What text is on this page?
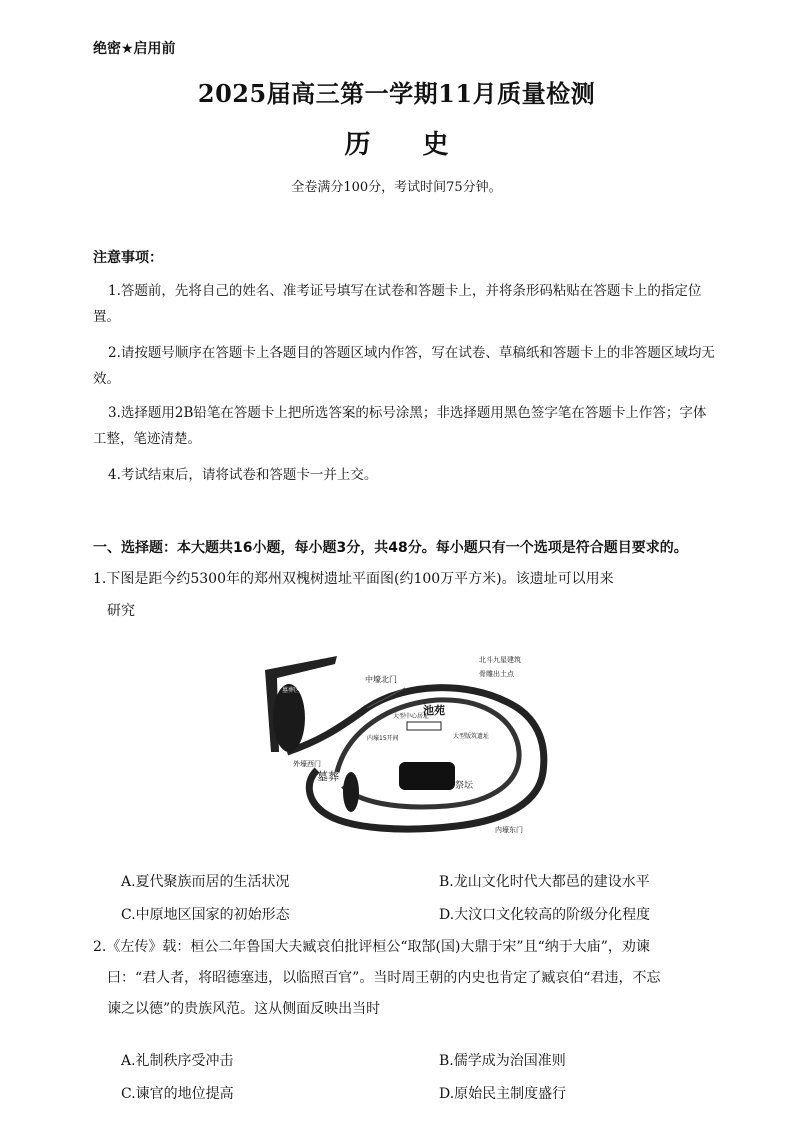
绝密★启用前
2025届高三第一学期11月质量检测
历 史
全卷满分100分，考试时间75分钟。
注意事项：
1.答题前，先将自己的姓名、准考证号填写在试卷和答题卡上，并将条形码粘贴在答题卡上的指定位置。
2.请按题号顺序在答题卡上各题目的答题区域内作答，写在试卷、草稿纸和答题卡上的非答题区域均无效。
3.选择题用2B铅笔在答题卡上把所选答案的标号涂黑；非选择题用黑色签字笔在答题卡上作答；字体工整，笔迹清楚。
4.考试结束后，请将试卷和答题卡一并上交。
一、选择题：本大题共16小题，每小题3分，共48分。每小题只有一个选项是符合题目要求的。
1.下图是距今约5300年的郑州双槐树遗址平面图(约100万平方米)。该遗址可以用来
研究
中壕北门
北斗九星建筑
骨雕出土点
池苑
大型中心居址
内壕15开间	大型版筑遗址
墓葬
祭坛
外壕西门
内壕东门
墓葬区
A.夏代聚族而居的生活状况	B.龙山文化时代大都邑的建设水平
C.中原地区国家的初始形态	D.大汶口文化较高的阶级分化程度
2.《左传》载：桓公二年鲁国大夫臧哀伯批评桓公“取郜(国)大鼎于宋”且“纳于大庙”，劝谏
曰：“君人者，将昭德塞违，以临照百官”。当时周王朝的内史也肯定了臧哀伯“君违，不忘
谏之以德”的贵族风范。这从侧面反映出当时
A.礼制秩序受冲击	B.儒学成为治国准则
C.谏官的地位提高	D.原始民主制度盛行
